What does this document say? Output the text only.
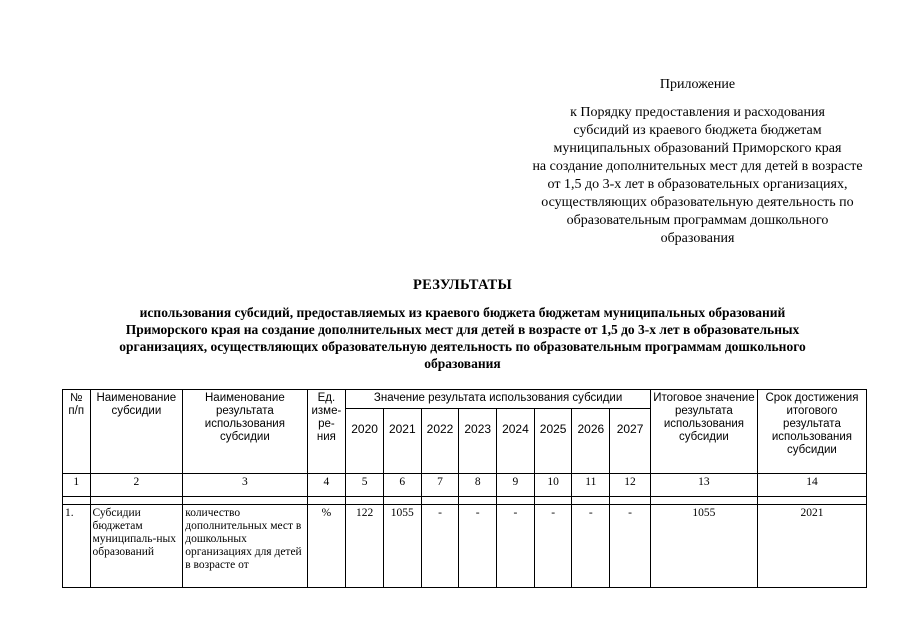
Приложение
к Порядку предоставления и расходования
субсидий из краевого бюджета бюджетам
муниципальных образований Приморского края
на создание дополнительных мест для детей в возрасте
от 1,5 до 3-х лет в образовательных организациях,
осуществляющих образовательную деятельность по
образовательным программам дошкольного
образования
РЕЗУЛЬТАТЫ
использования субсидий, предоставляемых из краевого бюджета бюджетам муниципальных образований
Приморского края на создание дополнительных мест для детей в возрасте от 1,5 до 3-х лет в образовательных
организациях, осуществляющих образовательную деятельность по образовательным программам дошкольного
образования
№ п/п	Наименование субсидии	Наименование результата использования субсидии	Ед. изме-ре-ния	Значение результата использования субсидии								Итоговое значение результата использования субсидии	Срок достижения итогового результата использования субсидии
				2020	2021	2022	2023	2024	2025	2026	2027		
1	2	3	4	5	6	7	8	9	10	11	12	13	14

1.	Субсидии бюджетам муниципаль-ных образований	количество дополнительных мест в дошкольных организациях для детей в возрасте от	%	122	1055	-	-	-	-	-	-	1055	2021
